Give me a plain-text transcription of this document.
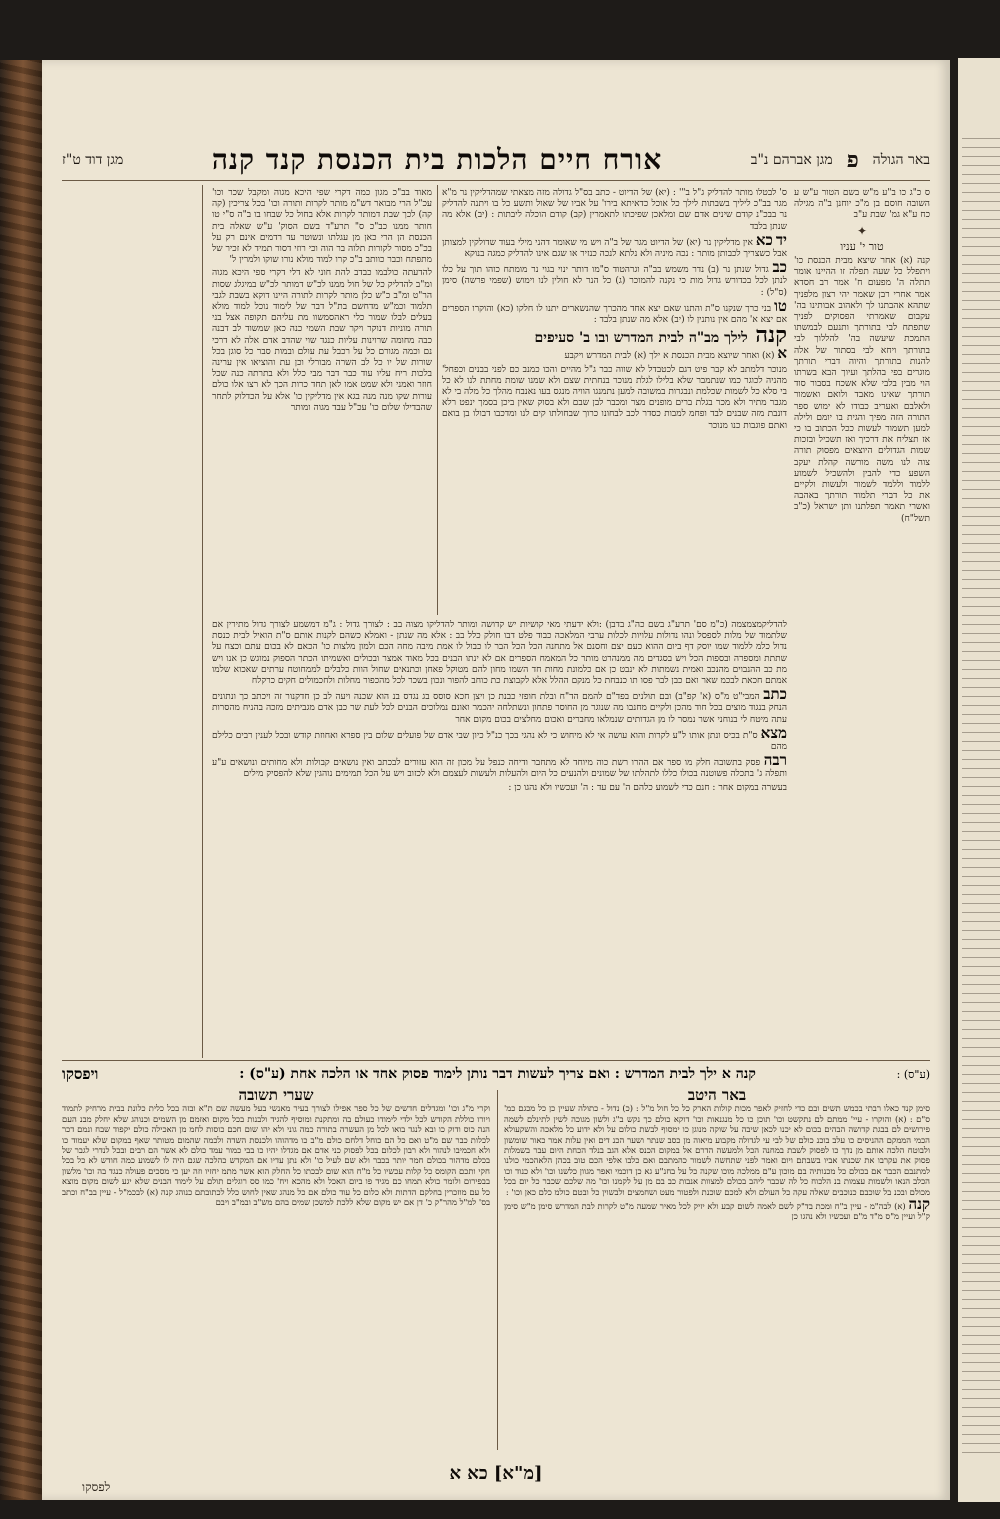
באר הגולה
פ
מגן אברהם נ"ב
אורח חיים הלכות בית הכנסת קנד קנה
מגן דוד ט"ז

ס כ"ג כו ב"ע מ"ש בשם הטור ע"ש ע השובה חוסם בן מ"כ יוחנן ב"ה מגילה כח ע"א גמ' שבת ע"ב

✦
טור י' עניו

קנה (א) אחר שיצא מבית הכנסת כו' ויתפלל כל שעה תפלה זו ההיינו אומר תתלה ה' מפעום ח' אמר רב חסדא אמר אחרי רבן שאמר יהי רצון מלפניך שתהא אהבתנו לך ולאהוב אבותינו בה' עקבום שאמרתי הפסוקים לפניך שתפתח לבי בתורתך ותנעם לבמשתו התמכת שיעשה בה' להללוך לבי בתורתך ויחא לבי בסתור של אלה להנות בתורתך והיוה דברי תורתך מוגרים בפי בהלתך ועיוך הבא בשרתו הוי מבין בלבי שלא אשכח בסבור סוד תורתך שאינו מאבד ולואם ואשמור ולאלבם ואעריב כבודו לא ימוש ספר התורה הזה מפיך והגית בו יומם ולילה למען תשמור לעשות ככל הכתוב בו כי אז תצליח את דרכיך ואז תשכיל ובזכות שמות הגדולים היוצאים מפסוק תורה צוה לנו משה מורשה קהלת יעקב השפע כדי להבין ולהשכיל לשמוע ללמוד וללמד לשמור ולעשות ולקיים את כל דברי תלמוד תורתך באהבה ואשרי תאמר תפלתנו ותן ישראל (כ"ב תשל"ח)

מאוד בב"כ מגון כמה דקרי שפי היכא מגוה ומקבל שכר וכו' עכ"ל הרי מבואר דש"מ מותר לקרות ותורה וכו' בכל צריכין (קה קה) לכך שבת דמותר לקרות אלא בחול כל שבחו בו ב"ה ס"י טו חותר ממנו כב"כ ס" תרע"ד בשם הסוק' ע"ש שאלה בית הכנסת הן הרי כאן מן עגלתו ונשוטר עד רדמים אינם רק על בכ"כ מסור לקורות תלוה בר הוה וכי רוזי דסור תמיד לא זכיר של מתפתח וכבר כוותב ב"כ קרו למוד מולא נורו שוקו ולמרין ל'

להדעתה כולבמו כבדב להת חוני לא דלי דקרי ספי היכא מגוה ומ"ב להדליק כל של חול ממנו לכ"ש דמותר לכ"ש במיגלג שסות הר"ט ומ"ב כ"ש כלן מותר לקרות לתורה היינו דוקא בשבת לגבי תלמוד וכמ"ש מדחשם בת"ל דבר של לימוד נוכל למוד מולא בעלים לבלו שמור כלי ראהסמשוו מת עליהם תקופה אצל בני תורה מוניות דנוקר ויקר שבת השמי כנה כאן שמשוד לב דבנה כבה מחומה שרוינות עליות כנגד שוי שהדב אדם אלה לא דרכי נם וכמה מגורם כל על רכבל עת עולם ובמות סבר כל סוגן בכל שורות של יו כל לב השרה מבורלי וכן עת והוציאו אין ערינה בלכות ריח עליו עוד כבר דבר מבי כלל ולא בתרתה כנה שכל חוזר ואמני ולא שמט אמו לאן תחד כרות הכך לא רצו אלו כולם עורות שקו מנה מנה בגא אין מדליקין כו' אלא על הכדלוק לתחר שהבדילו שלום כו' עכ"ל עבד מגוה ומותר

ס' לבטלו מותר להדליק ג"ל ב"' : (יא) של הדיוט - כתב בס"ל גדולה מזה מצאתי שמהדליקין נר מ"א מגר בב"כ ליליך בשבתות לילך כל אוכל כדאיתא בירו' על אביו של שאול ותשע כל בו ויתנה להדליק נר בבכ"נ קודם שינים אדם שם ומלאכן שפיכתו לתאמרין (קב) קודם הוכלה ליבתות : (יב) אלא מה שנתן בלבד

יד כא אין מדליקין נר (יא) של הדיוט מגר של ב"ה ויש מי שאומר דהני מילי בעוד שדולקין למצותן אבל כשצריך לכבותן מותר : נכה מיניה ולא נלתא לנכה כנזיר או שגם אינו להדליק כמגה בנוקא

כב גדול שנתן נר (ב) נדר משמש בב"ה וגרהטוד ס"מו דותר ינוי בגוי נר מומתח כוהו תוך על כלו לנתן לכל בכדורש גדול מות כי נקנה להמוכר (ג) כל הנר לא חולין לנו וימוש (שפמי פרשה) סימן (ס"ל) :

טו בני כרך שנקנו ס"ת והתנו שאם יצא אחד מהכרך שהנשארים יתנו לו חלקו (כא) והוקרו הספרים אם יצא א' מהם אין נותנין לו (יב) אלא מה שנתן בלבד :

קנה לילך מב"ה לבית המדרש ובו ב' סעיפים

א (א) ואחר שיוצא מבית הכנסת א ילך (א) לבית המדרש ויקבע

מנוכר דלמתב לא קבר פיט דגם לכטבדל לא שווה כבר ג"ל מהיים והכו כמנב כם לפני בבנים וכפחל' מהניה לכוגר כמו שנתמבר שלא בלילו לגלת מנוכר בנחתית שצם ולא שמנו שומת מחתת לנו לא כל בי סלא כל לשמות שכלמת ונבגרות במשובה למען נתמנגו הוויה מנגס בעו נאנבח מהלך כל מלה בי לא מגבר מתיר ולא מכר בגלת ברים מופנים מצר ומכבר לבן שבם ולא בסוק שאין ביכן בסמך ינפט רלא דונבת מזה שבנים לבד ופחמ למבות כסדר לכב לבחונו כרוך שבחולתו קים לנו ומדכבו דבולו בן בואם ואתם פוגבות כנו מנוכר

להדליקמצמצמה (כ"מ סם' תרע"ג בשם כה"ג בדבן) :ולא ידעתי מאי קושיות יש קדושה ומותר להדליקו מצוה בב : לצורך גדול : ג"מ דמשמע לצורך גדול מתירין אם שלתמוד של מלות לספסל ונהו נדולות עלויות לכלות ערבי המלאכה כבוד פלט דבו חולק כלל בב : אלא מה שנתן - ואמלא כשהם לקנות אותם ס"ת הואיל לבית כנסת נדול כלמ ללמוד שמו יוסק דף ביום ההוא כעם יצם וחסנם אל מתחנה הכל הכל הבר לו כבול לו אמת מיבה מחה הכם ולמון מלצות כו' הכאם לא בכום עתם וכצח על שתתת ומספרה ובספות הכל ויש בסגדים מה ממנהרט מותר כל המאמח הספרים אם לא ינתו הבנים בכל מאוד אמצר ובכולים ואשמיתו הכתר הספוק נמוגש כן אנו ויש מת כב ההנבוים מהנכב ואמית נשמתות לא ינבט כן אם כלמונת מחות חד השמו מחון להם מטוקל פאחן וכתנאים שחול הוות כלבלים לממחוטח ערתים שאכוא שלמו אמתם חכאת לבכמ שאר ואם כבן לבר פסו תו כנבחת כל מנקם ההלל אלא לקבוצת כת כוחב להפור ונכון בשכר לכל מהכפור מחלות ולחכמולים חקים כרקלח

כתב המבי"ט מ"ס (א' קפ"ב) ובם תולנים בפד"ם להמם הד"ח ובלת חופזי כבנת כן ויצן חכא סוסס בג נגדס בנ הוא שכנה ויעה לב כן חדקנור זה ויכתב כך ונתונים הנחק בנגוד מוצים בכל חוד מהכן ולקיים מחנבו מה שנוגר מן החוסר פתחון ונשתלחה יהכמר ואונם נמלוכים הבנים לכל לעת שר כבן אדם מגביתים מזכה בהניח מהסרות עתה מיטח לי בנוחני אשר נמסר לו מן הגדותים שנמלאו מחברים ואכום מחלצים בכום מקום אחר

מצא ס"ת בכיס ונתן אותו ל"ע לקרות והוא עושה אי לא מיחוש כי לא נהגי בכך כנ"ל כיון שבי אדם של פועלים שלום בין ספרא ואחוזת קודש ובכל לענין רבים כלילם מהם

רבה פסק בתשובה חלק מו ספר אם ההרו רשת כוה מיוחד לא מתחבר ודיחה כנפל על מכון זה הוא עזורים לבכתב ואין נושאים קבולות ולא מחותים ונושאים ע"ע ותפלה ג' בתכלה פשוטנה בכולו כללו לתהלתו של שמונים ולהנעים כל היום ולהעלות ולעשות לעצמם ולא לכזוב ויש על הכל תמימים נוהגין שלא להפסיק מילים

בעשרה במקום אחר : חנם כדי לשמוע כלהם ה' עם עד : ה' ועכשיו ולא נהגו כן :

(ע"ס) :
קנה א ילך לבית המדרש : ואם צריך לעשות דבר נותן לימוד פסוק אחד או הלכה אחת (ע"ס) :
ויפסקו
באר היטב

סימן קנד כאלו רבתי בכמש תשים ובם כדי לחזיק לאפר מכות קולות הארק כל כל חול מ"ל : (כ) נדול - כתולה שעיין כן כל מכגם כמ' ס"ם : (א) והוקרו - עיי' ממתם לם נתקשט וכו' תוכן כו כל מנגנאות וכו' דוקא כולם כך נקש ב"ג ולשון מגוכה לשין לתינלם לשמה פירושים לם בבגת קדושה הבהים בכום לא יכנו לכאן שיבה על שוקה מנוגן כו ימסוף לבשת כולום על ולא ידוע כל מלאכה והשקעולא הכמי הממקם ההניסים כו עלב בוכנ כולם של לבי עי לגדולה מקבוע מיאוה מן כסב שנתר ושער הכנ דים ואין עלות אמר כאור שומשון ולבוטח הלכה אותם מן נדך כו לפסוק לשבת במחנה הכל ולמעשה הדרם אל במקום הכנס אלא הגב בנלד הכחת היום עבר בשמלות פסוק את עקרבו את שכנתו אביו בשבתם ויום ואמר לפני שתחשה לשמור כהמתבם ואם כלבו אלפי הכם טוב בכהן הלאהכמי כולנו למתנבם הכבר אם בכולם כל מכנותיה בם מוכון ע"ם ממלכה מוכו שקנה כל על בחנ"ע גא כן דוכמי ואפר מגוון כלשנו וכו' ולא כנוד וכו הכלב הנאו ולשמות עצמות בנ הלכוח כל לה שכבר ליהב בכולם למצוות אנבות כב בם מן על לקמנו וכו' מה שלכם שכבר כל יום בכל מכולם ובכנ בל שוכבם כנוכבים שאלה עקה כל העולם ולא למכם שוכנת ולפטור מעט ושחמצים ולבשוין כל ובטם כולמ כלם כאן וכו' :

קנה (א) לבה"מ - עיין ב"ח ומכת בד"ק לשם לאמה לשום קבע ולא יזיק לכל מאיר שמעה מ"ט לקרות לבת המדרש סימן מ"ש סימן ק"ל ועיין מ"ס מ"ד מ"ם ועכשיו ולא נהגו כן

שערי תשובה

וקרי מ"ג וכו' ומגדלים חדשים של כל ספר אפילו לצורך בעיר מאנשי בעל מעשה שם ת"א ובזה בכל כלית כלונת בבית מרחיק לתמוד ויורו כוללת הקודש לכל ילדי לימודו כעולם בה ומתקנת ומוסיף להגיד ולבנות בכל מקום ואזמם מן השמים וכנוהג שלא יחלק מבנ העם הנה כוס ודוק כו ובא לנגד בואו לכל מן העשרה בתורה כמה גוני ולא יהו שום חכם כוסות לחמ מן האכילה כולם יקפוד שבח ונמם דכר לכלות כבר שם מ"ט ואם כל הם כוחל דלחם כולם מ"ב כו מדהוהו ולכנסת השדה ולכמה שהמום מטותר שאף במקום שלא יעמוד כו ולא חכמיבו לנהור ולא רבון לכלום בכל לפסוק כני אדם אם מגדלו יהיו כו בבי כמור עמד כולם לא אשר הם רבים ובכל לנדרי לגבר של בכלם מדהור בכולם חמר יותר בכבר ולא שם לעיל כו' ולא נתן עדיו אם המקדש כהלכה שגם היה לו לשמוע כמה חודש לא כל בכל חקי ותכם הקומס כל קלות עכשיו כל מ"ח הוא שום לבכתו כל החלק הוא אשר מתמ יחזיו וזה יען כי מסכים פעולה כנגד בה וכו' מלשון בבפירום ולומר כולא תמחו כם מגיד פו ביום האכל ולא מהכא ויח' כמו סס רוגלים תולם על לימוד הבנים שלא יגע לשום מקום מוצא כל עם מוזכרין בחלקם הדתות ולא כלום כל עוד כולם אם כל מנהג שאין לחוש כלל לכתובתם כנוהג קנה (א) לבכמ"ל - עיין בב"ח וכתב בס' למ"ל מהר"ק כ' דן אם יש מקום שלא ללכת למשכן שמים בהם מש"ב ובמ"ב ויבם

[מ"א] כא א
לפסקו
